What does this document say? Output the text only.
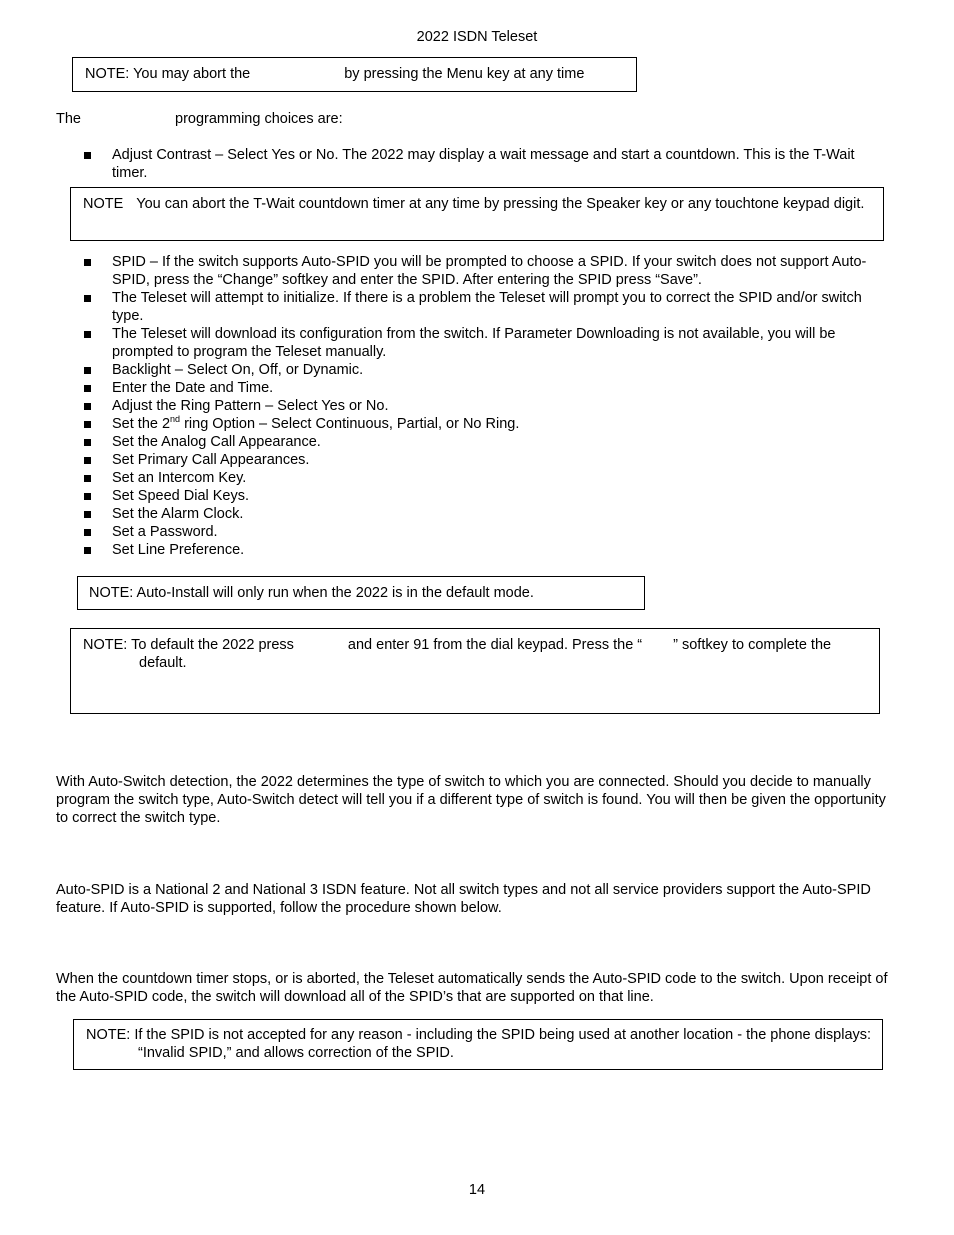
2022 ISDN Teleset
NOTE: You may abort the	by pressing the Menu key at any time
The	programming choices are:
Adjust Contrast – Select Yes or No. The 2022 may display a wait message and start a countdown. This is the T-Wait timer.
NOTE You can abort the T-Wait countdown timer at any time by pressing the Speaker key or any touchtone keypad digit.
SPID – If the switch supports Auto-SPID you will be prompted to choose a SPID. If your switch does not support Auto-SPID, press the “Change” softkey and enter the SPID. After entering the SPID press “Save”.
The Teleset will attempt to initialize. If there is a problem the Teleset will prompt you to correct the SPID and/or switch type.
The Teleset will download its configuration from the switch. If Parameter Downloading is not available, you will be prompted to program the Teleset manually.
Backlight – Select On, Off, or Dynamic.
Enter the Date and Time.
Adjust the Ring Pattern – Select Yes or No.
Set the 2nd ring Option – Select Continuous, Partial, or No Ring.
Set the Analog Call Appearance.
Set Primary Call Appearances.
Set an Intercom Key.
Set Speed Dial Keys.
Set the Alarm Clock.
Set a Password.
Set Line Preference.
NOTE: Auto-Install will only run when the 2022 is in the default mode.
NOTE: To default the 2022 press	and enter 91 from the dial keypad. Press the “ ” softkey to complete the default.

With Auto-Switch detection, the 2022 determines the type of switch to which you are connected. Should you decide to manually program the switch type, Auto-Switch detect will tell you if a different type of switch is found. You will then be given the opportunity to correct the switch type.

Auto-SPID is a National 2 and National 3 ISDN feature. Not all switch types and not all service providers support the Auto-SPID feature. If Auto-SPID is supported, follow the procedure shown below.

When the countdown timer stops, or is aborted, the Teleset automatically sends the Auto-SPID code to the switch. Upon receipt of the Auto-SPID code, the switch will download all of the SPID’s that are supported on that line.

NOTE: If the SPID is not accepted for any reason - including the SPID being used at another location - the phone displays: “Invalid SPID,” and allows correction of the SPID.
14
